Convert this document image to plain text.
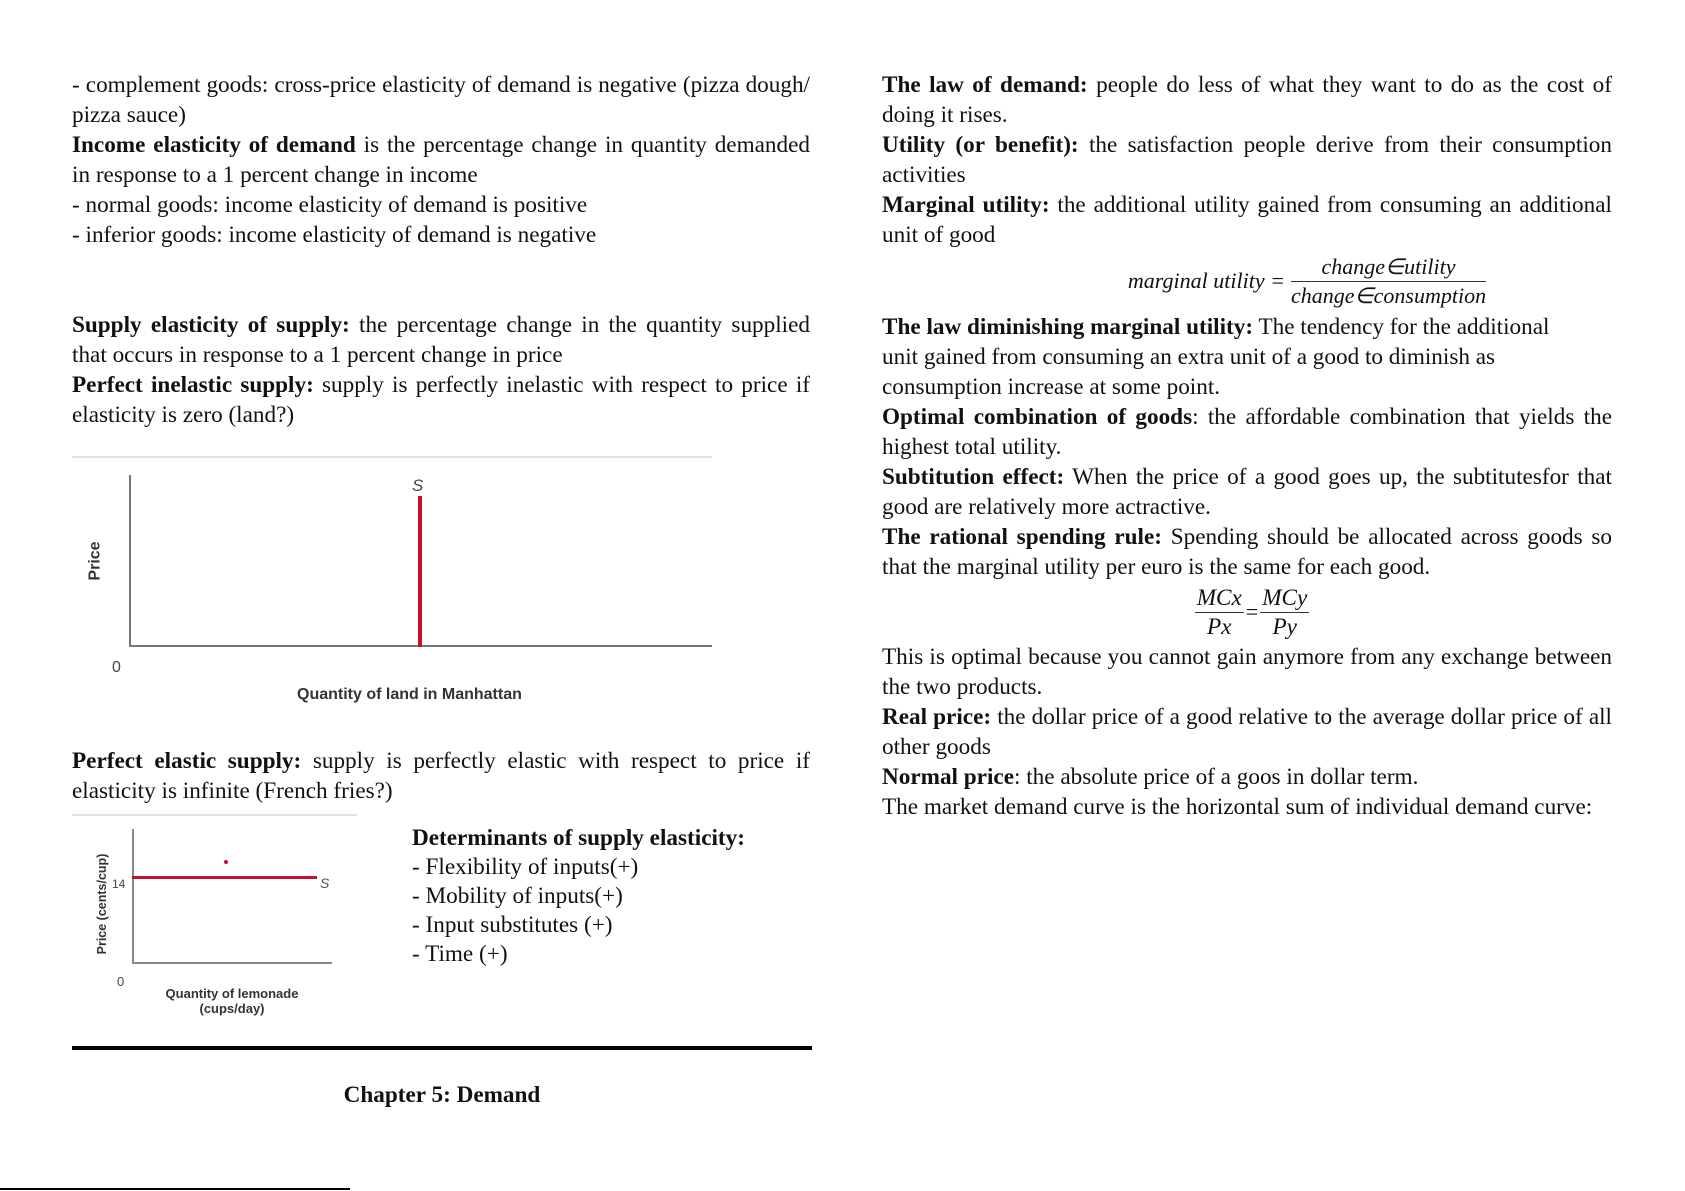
- complement goods: cross-price elasticity of demand is negative (pizza dough/ pizza sauce)

Income elasticity of demand is the percentage change in quantity demanded in response to a 1 percent change in income

- normal goods: income elasticity of demand is positive

- inferior goods: income elasticity of demand is negative

Supply elasticity of supply: the percentage change in the quantity supplied that occurs in response to a 1 percent change in price

Perfect inelastic supply: supply is perfectly inelastic with respect to price if elasticity is zero (land?)

S
0
Price
Quantity of land in Manhattan

Perfect elastic supply: supply is perfectly elastic with respect to price if elasticity is infinite (French fries?)

S
14
0
Price (cents/cup)
Quantity of lemonade
(cups/day)

Determinants of supply elasticity:

- Flexibility of inputs(+)

- Mobility of inputs(+)

- Input substitutes (+)

- Time (+)

Chapter 5: Demand

The law of demand: people do less of what they want to do as the cost of doing it rises.

Utility (or benefit): the satisfaction people derive from their consumption activities

Marginal utility: the additional utility gained from consuming an additional unit of good

marginal utility = $\frac{\text{change∈utility}}{\text{change∈consumption}}$

The law diminishing marginal utility: The tendency for the additional unit gained from consuming an extra unit of a good to diminish as consumption increase at some point.

Optimal combination of goods: the affordable combination that yields the highest total utility.

Subtitution effect: When the price of a good goes up, the subtitutesfor that good are relatively more actractive.

The rational spending rule: Spending should be allocated across goods so that the marginal utility per euro is the same for each good.

$\frac{\text{MCx}}{Px} = \frac{\text{MCy}}{Py}$

This is optimal because you cannot gain anymore from any exchange between the two products.

Real price: the dollar price of a good relative to the average dollar price of all other goods

Normal price: the absolute price of a goos in dollar term.

The market demand curve is the horizontal sum of individual demand curve:
